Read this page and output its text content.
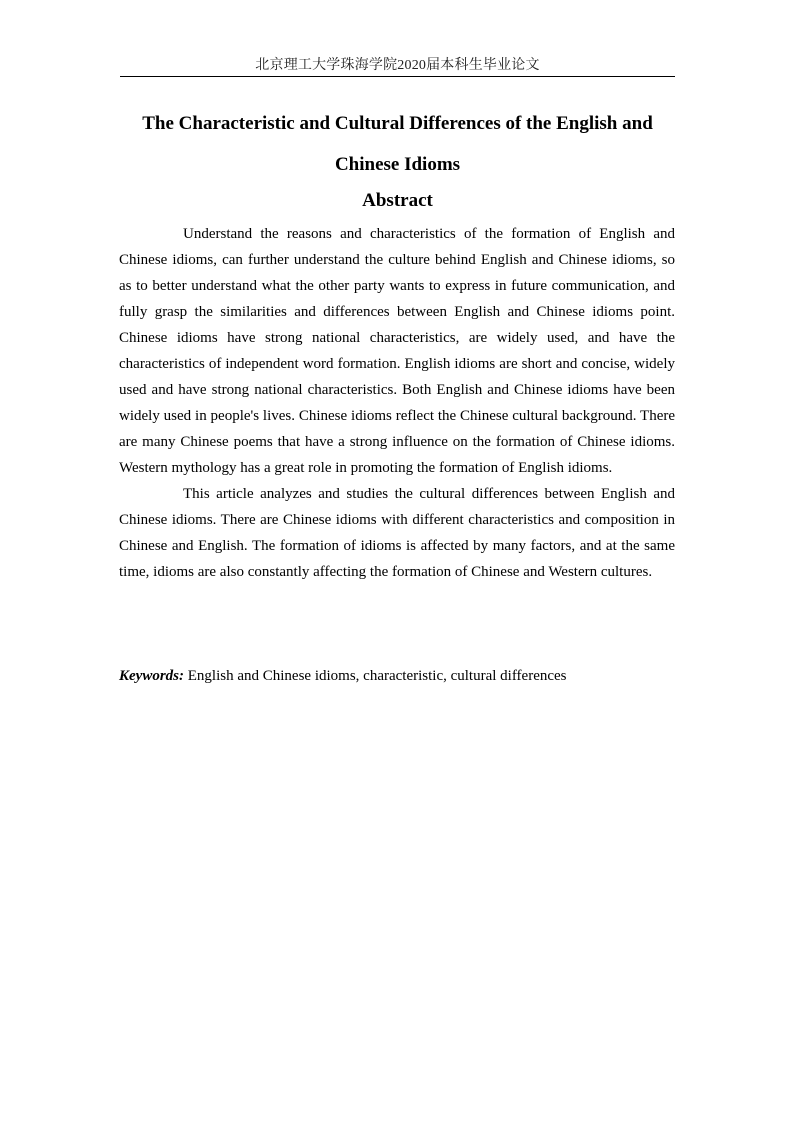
北京理工大学珠海学院2020届本科生毕业论文
The Characteristic and Cultural Differences of the English and Chinese Idioms
Abstract

Understand the reasons and characteristics of the formation of English and Chinese idioms, can further understand the culture behind English and Chinese idioms, so as to better understand what the other party wants to express in future communication, and fully grasp the similarities and differences between English and Chinese idioms point. Chinese idioms have strong national characteristics, are widely used, and have the characteristics of independent word formation. English idioms are short and concise, widely used and have strong national characteristics. Both English and Chinese idioms have been widely used in people's lives. Chinese idioms reflect the Chinese cultural background. There are many Chinese poems that have a strong influence on the formation of Chinese idioms. Western mythology has a great role in promoting the formation of English idioms.

This article analyzes and studies the cultural differences between English and Chinese idioms. There are Chinese idioms with different characteristics and composition in Chinese and English. The formation of idioms is affected by many factors, and at the same time, idioms are also constantly affecting the formation of Chinese and Western cultures.

Keywords: English and Chinese idioms, characteristic, cultural differences
